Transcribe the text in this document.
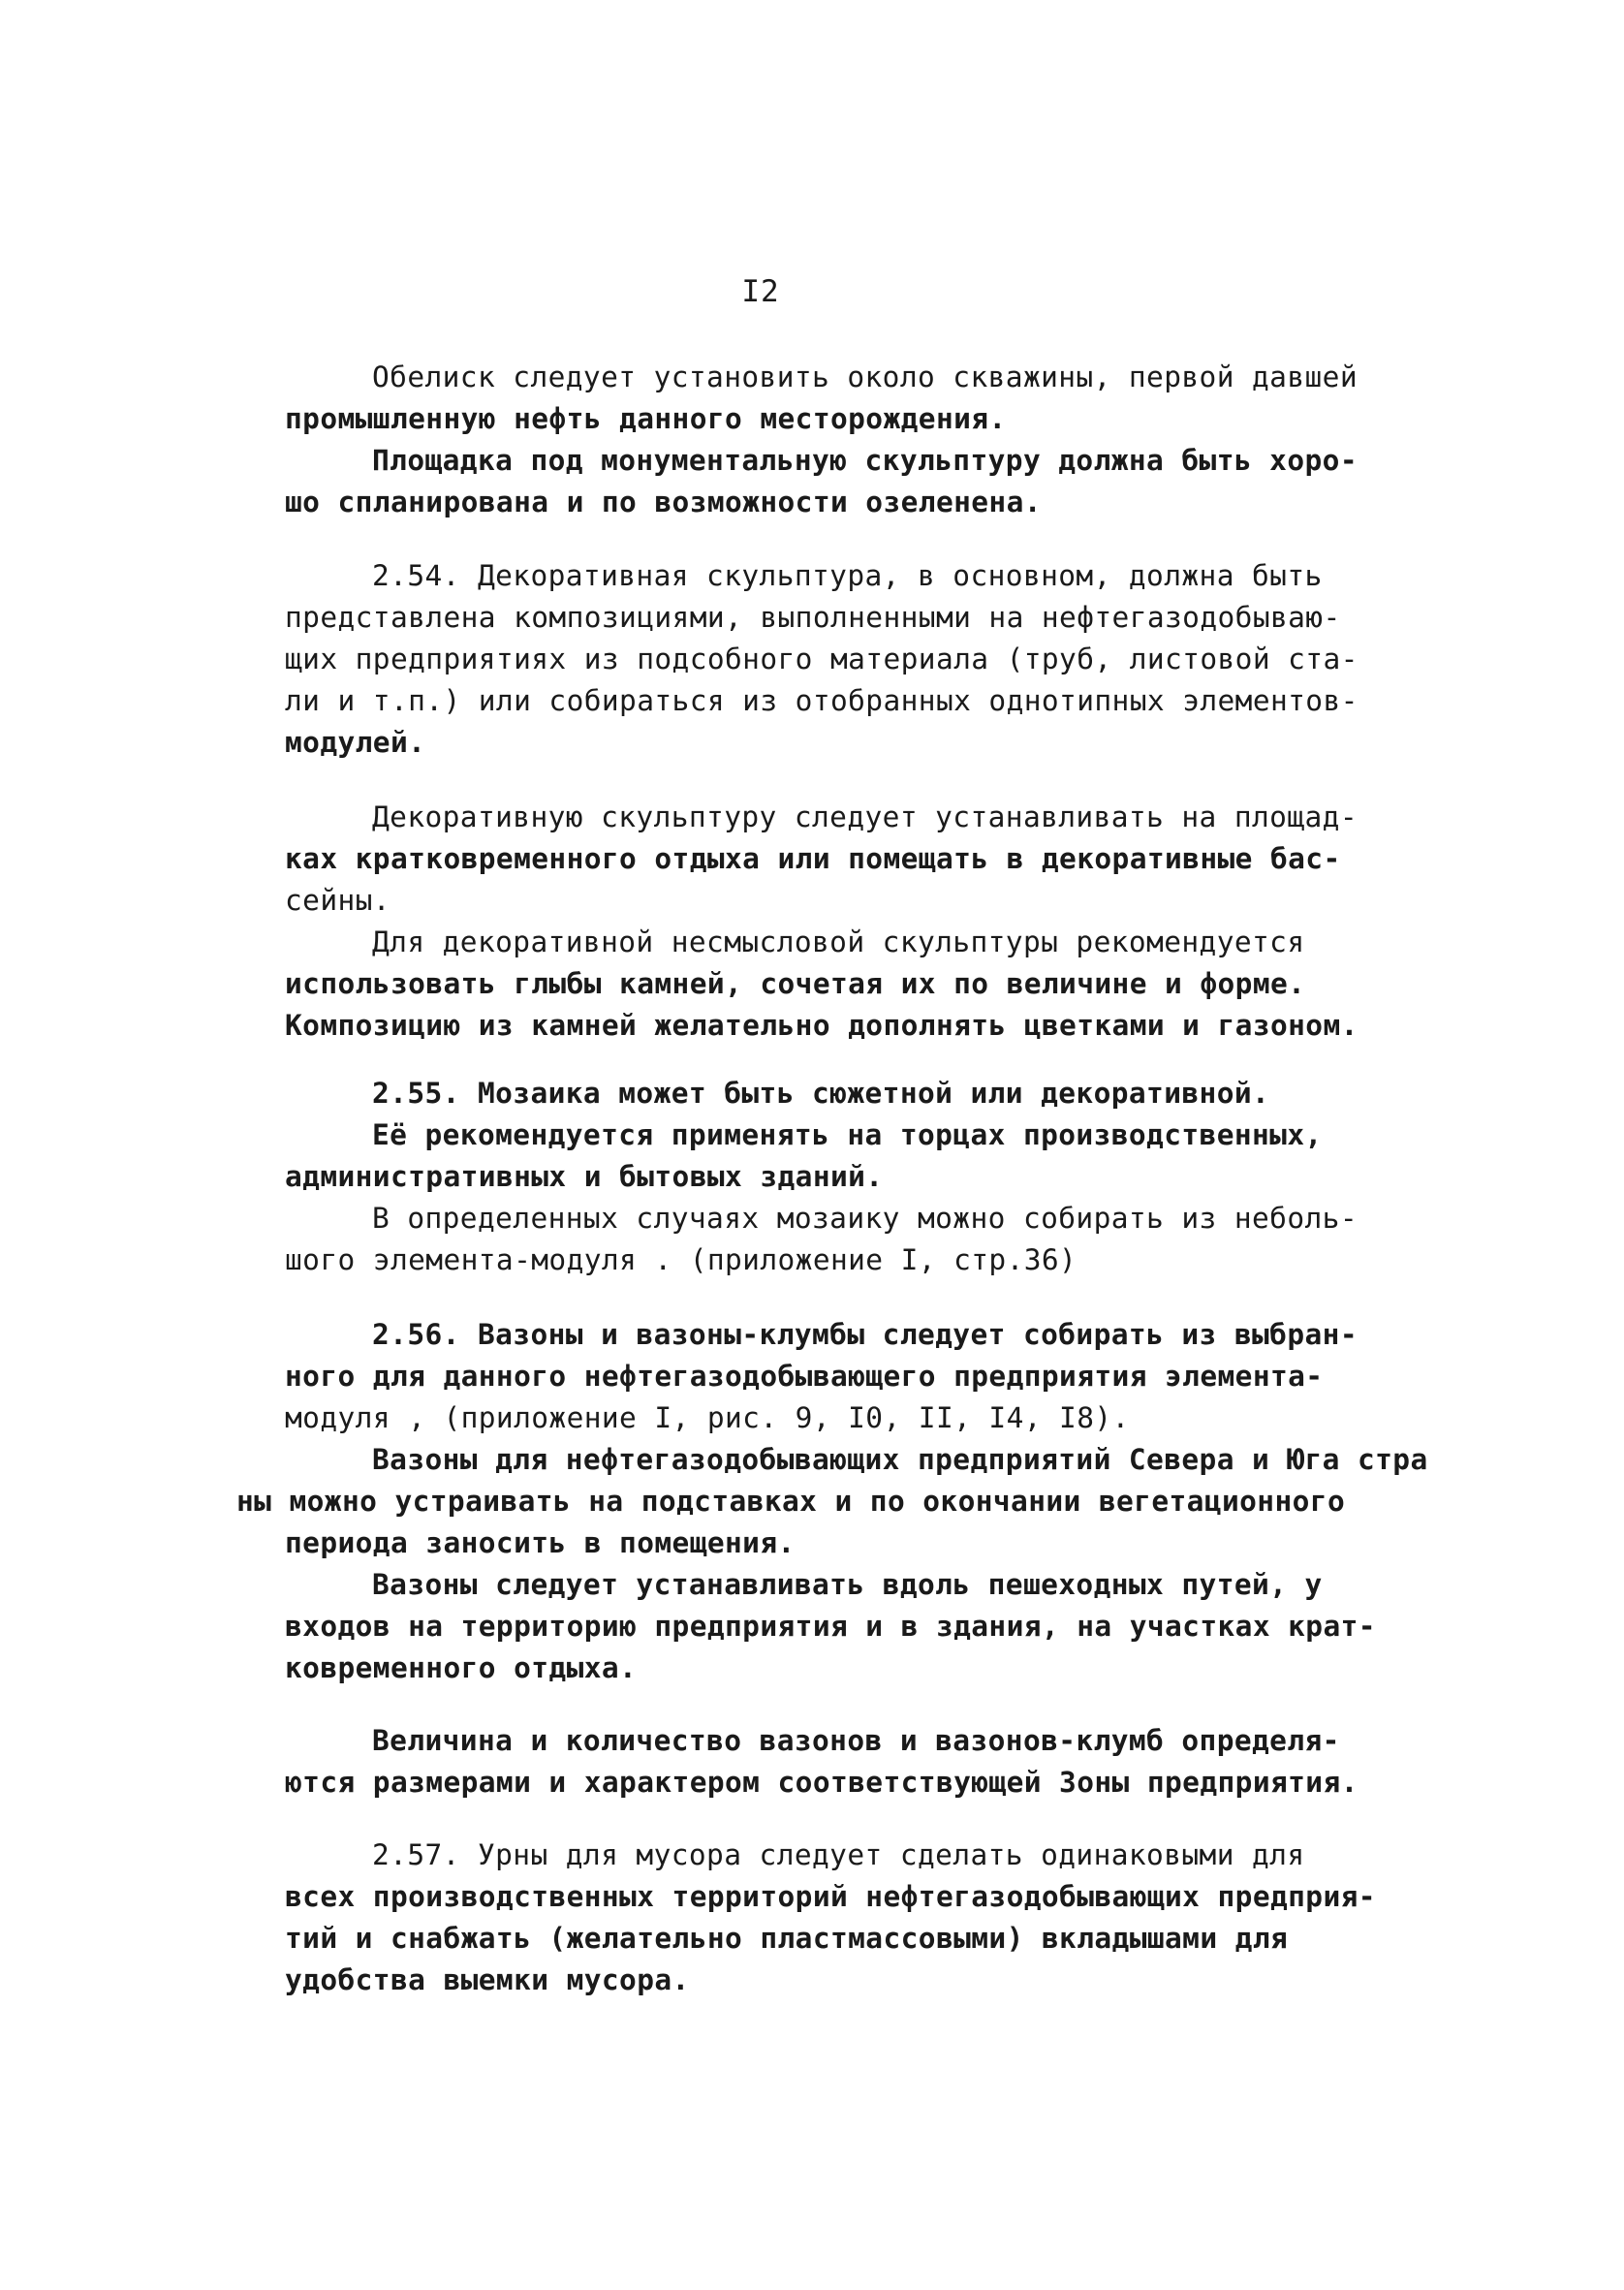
I2
Обелиск следует установить около скважины, первой давшей
промышленную нефть данного месторождения.
Площадка под монументальную скульптуру должна быть хоро-
шо спланирована и по возможности озеленена.
2.54. Декоративная скульптура, в основном, должна быть
представлена композициями, выполненными на нефтегазодобываю-
щих предприятиях из подсобного материала (труб, листовой ста-
ли и т.п.) или собираться из отобранных однотипных элементов-
модулей.
Декоративную скульптуру следует устанавливать на площад-
ках кратковременного отдыха или помещать в декоративные бас-
сейны.
Для декоративной несмысловой скульптуры рекомендуется
использовать глыбы камней, сочетая их по величине и форме.
Композицию из камней желательно дополнять цветками и газоном.
2.55. Мозаика может быть сюжетной или декоративной.
Её рекомендуется применять на торцах производственных,
административных и бытовых зданий.
В определенных случаях мозаику можно собирать из неболь-
шого элемента-модуля . (приложение I, стр.36)
2.56. Вазоны и вазоны-клумбы следует собирать из выбран-
ного для данного нефтегазодобывающего предприятия элемента-
модуля , (приложение I, рис. 9, I0, II, I4, I8).
Вазоны для нефтегазодобывающих предприятий Севера и Юга стра
ны можно устраивать на подставках и по окончании вегетационного
периода заносить в помещения.
Вазоны следует устанавливать вдоль пешеходных путей, у
входов на территорию предприятия и в здания, на участках крат-
ковременного отдыха.
Величина и количество вазонов и вазонов-клумб определя-
ются размерами и характером соответствующей Зоны предприятия.
2.57. Урны для мусора следует сделать одинаковыми для
всех производственных территорий нефтегазодобывающих предприя-
тий и снабжать (желательно пластмассовыми) вкладышами для
удобства выемки мусора.
